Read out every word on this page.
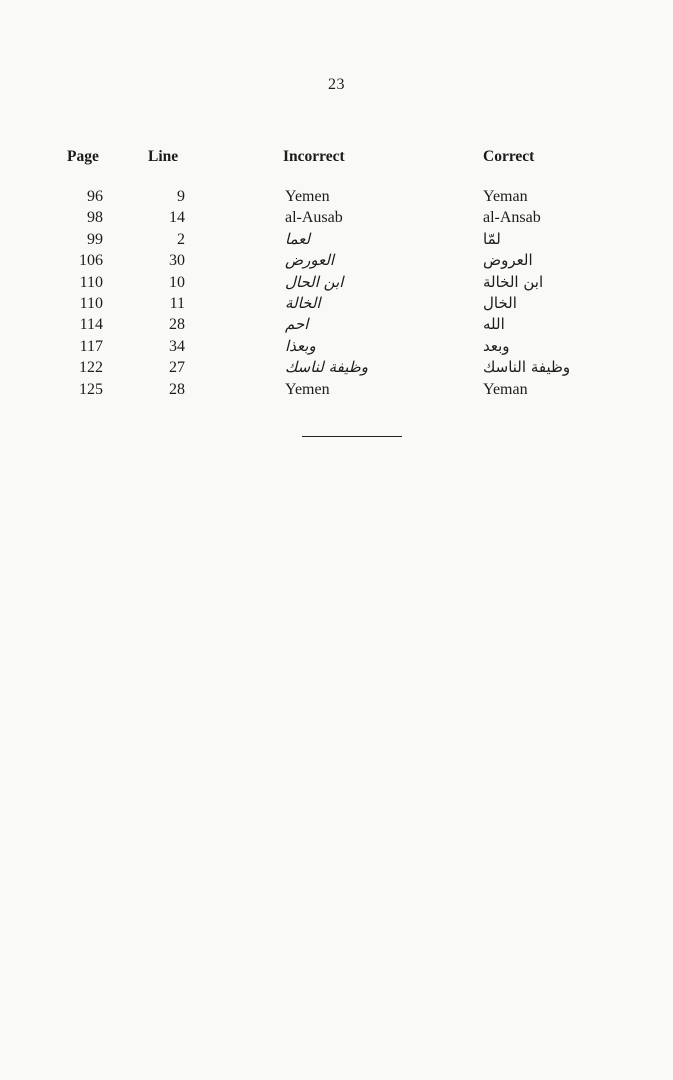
23
Page	Line	Incorrect	Correct
96	9	Yemen	Yeman
98	14	al-Ausab	al-Ansab
99	2	لعما	لمّا
106	30	العورض	العروض
110	10	ابن الحال	ابن الخالة
110	11	الخالة	الخال
114	28	احم	الله
117	34	وبعذا	وبعد
122	27	وظيفة لناسك	وظيفة الناسك
125	28	Yemen	Yeman
